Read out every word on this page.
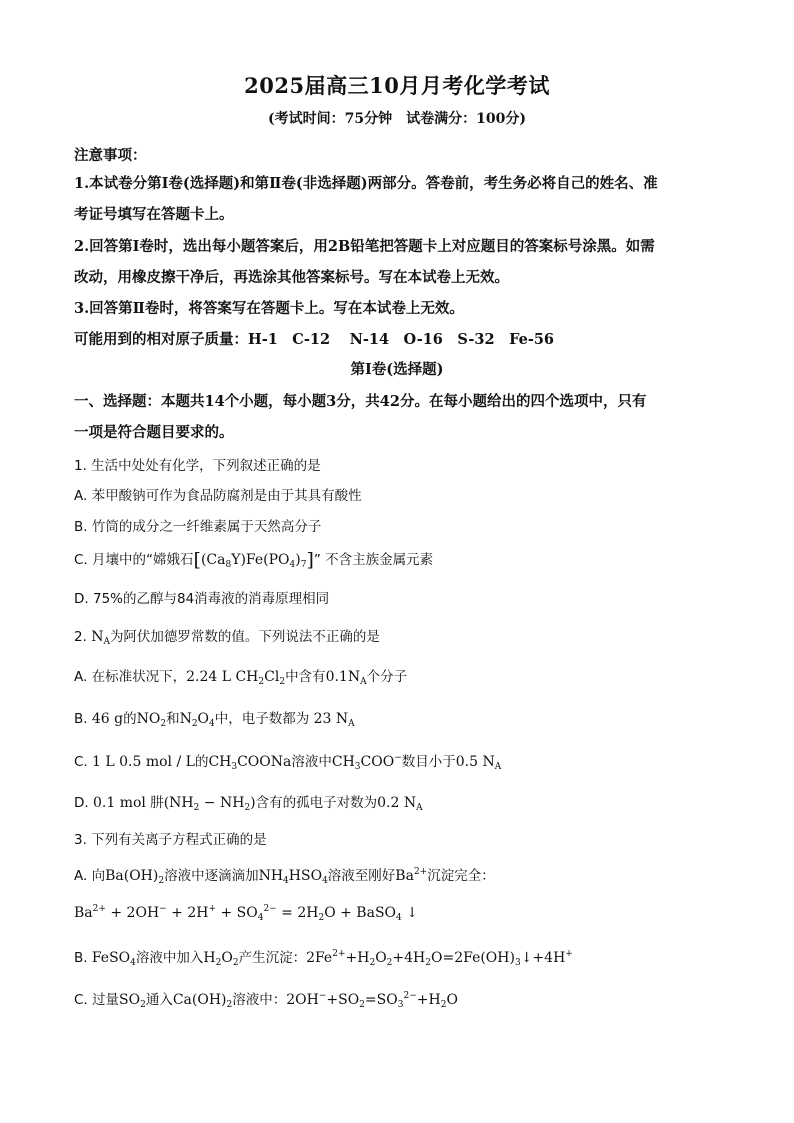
2025届高三10月月考化学考试
(考试时间：75分钟　试卷满分：100分)
注意事项：
1.本试卷分第Ⅰ卷(选择题)和第Ⅱ卷(非选择题)两部分。答卷前，考生务必将自己的姓名、准
考证号填写在答题卡上。
2.回答第Ⅰ卷时，选出每小题答案后，用2B铅笔把答题卡上对应题目的答案标号涂黑。如需
改动，用橡皮擦干净后，再选涂其他答案标号。写在本试卷上无效。
3.回答第Ⅱ卷时，将答案写在答题卡上。写在本试卷上无效。
可能用到的相对原子质量：H-1　C-12　 N-14　O-16　S-32　Fe-56
第Ⅰ卷(选择题)
一、选择题：本题共14个小题，每小题3分，共42分。在每小题给出的四个选项中，只有
一项是符合题目要求的。
1. 生活中处处有化学，下列叙述正确的是
A. 苯甲酸钠可作为食品防腐剂是由于其具有酸性
B. 竹筒的成分之一纤维素属于天然高分子
C. 月壤中的“嫦娥石$[(Ca_8Y)Fe(PO_4)_7]$” 不含主族金属元素
D. 75%的乙醇与84消毒液的消毒原理相同
2. $N_A$为阿伏加德罗常数的值。下列说法不正确的是
A. 在标准状况下，2.24 L $CH_2Cl_2$中含有$0.1N_A$个分子
B. 46 g的$NO_2$和$N_2O_4$中，电子数都为 23 $N_A$
C. 1 L 0.5 mol / L的$CH_3COONa$溶液中$CH_3COO^-$数目小于0.5 $N_A$
D. 0.1 mol 肼$(NH_2 - NH_2)$含有的孤电子对数为0.2 $N_A$
3. 下列有关离子方程式正确的是
A. 向$Ba(OH)_2$溶液中逐滴滴加$NH_4HSO_4$溶液至刚好$Ba^{2+}$沉淀完全：
$Ba^{2+} + 2OH^- + 2H^+ + SO_4^{2-} = 2H_2O$ + BaSO$_4$ ↓
B. FeSO$_4$溶液中加入$H_2O_2$产生沉淀：$2Fe^{2+}+H_2O_2+4H_2O=2Fe(OH)_3↓+4H^+$
C. 过量$SO_2$通入$Ca(OH)_2$溶液中：$2OH^-+SO_2=SO_3^{2-}+H_2O$
